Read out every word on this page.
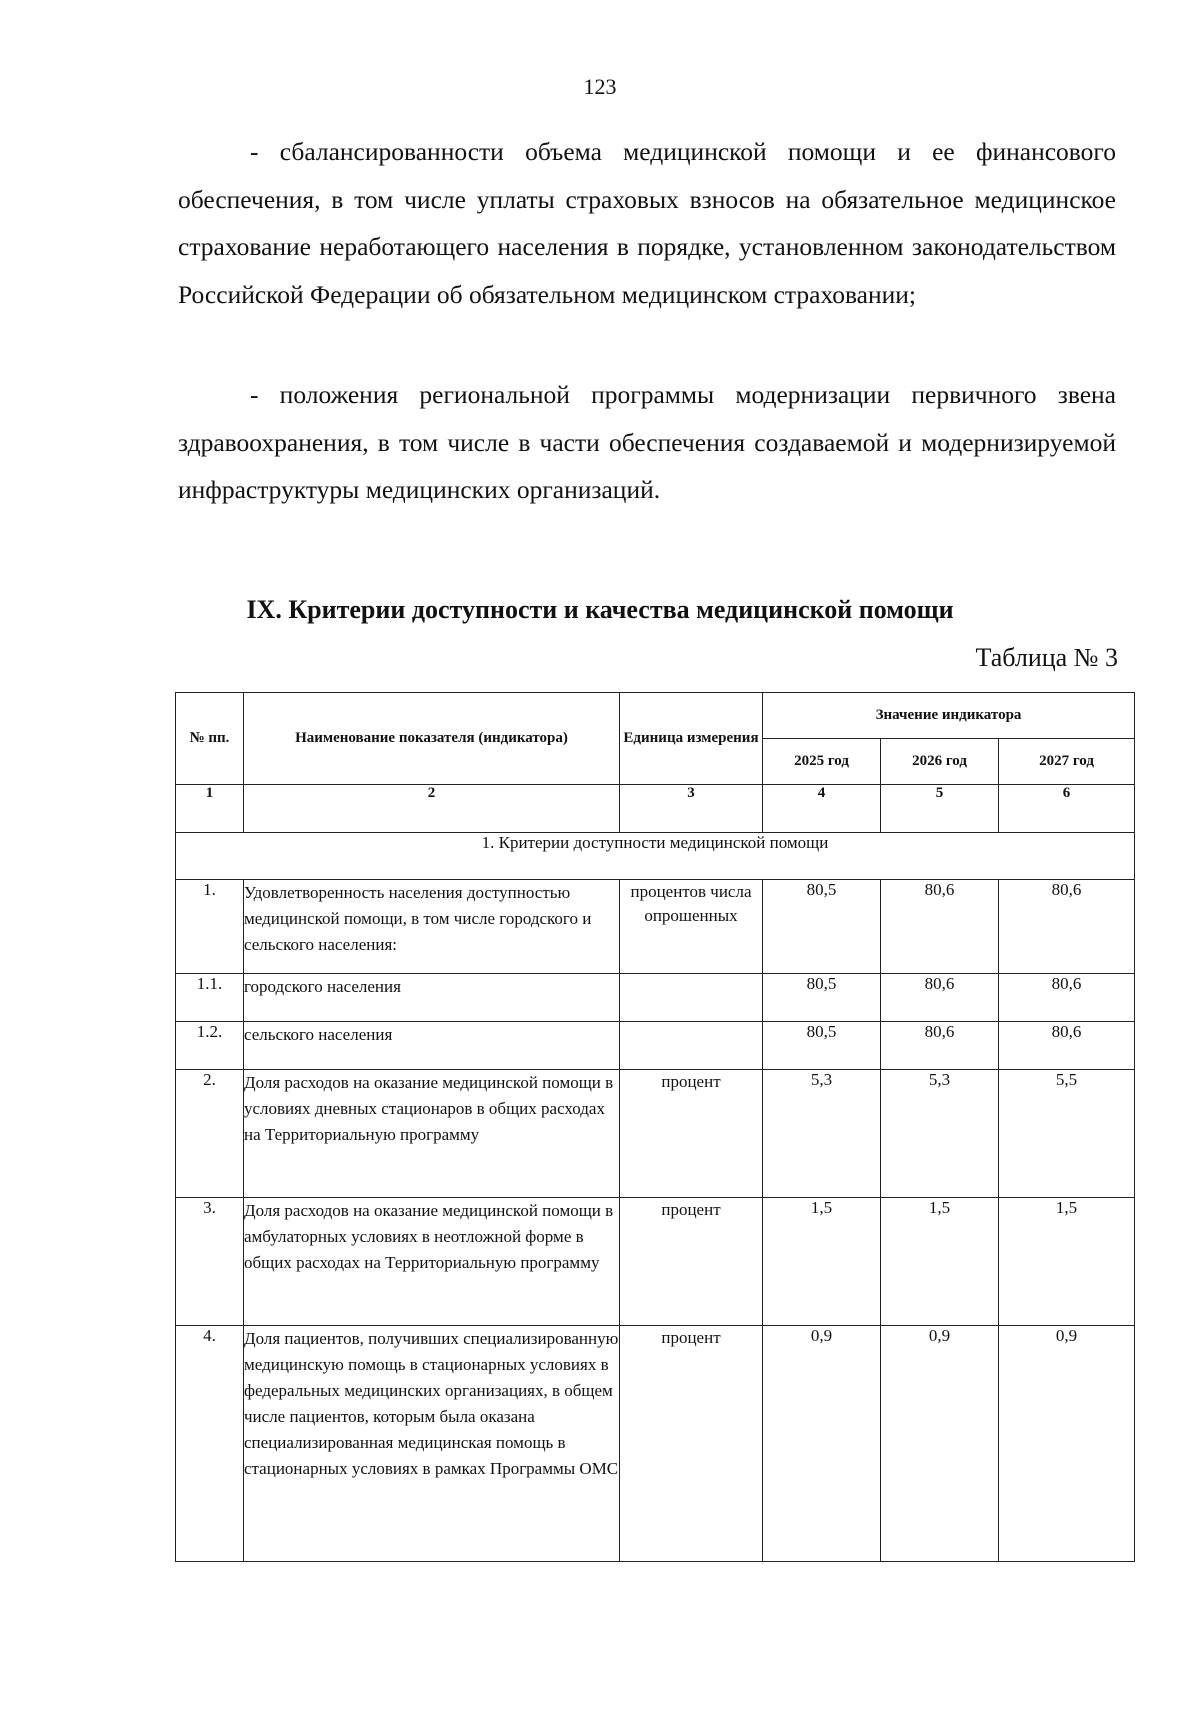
123

- сбалансированности объема медицинской помощи и ее финансового обеспечения, в том числе уплаты страховых взносов на обязательное медицинское страхование неработающего населения в порядке, установленном законодательством Российской Федерации об обязательном медицинском страховании;

- положения региональной программы модернизации первичного звена здравоохранения, в том числе в части обеспечения создаваемой и модернизируемой инфраструктуры медицинских организаций.

IX. Критерии доступности и качества медицинской помощи
Таблица № 3
№ пп.	Наименование показателя (индикатора)	Единица измерения	Значение индикатора		
			2025 год	2026 год	2027 год
1	2	3	4	5	6
1. Критерии доступности медицинской помощи					
1.	Удовлетворенность населения доступностью медицинской помощи, в том числе городского и сельского населения:	процентов числа опрошенных	80,5	80,6	80,6
1.1.	городского населения		80,5	80,6	80,6
1.2.	сельского населения		80,5	80,6	80,6
2.	Доля расходов на оказание медицинской помощи в условиях дневных стационаров в общих расходах на Территориальную программу	процент	5,3	5,3	5,5
3.	Доля расходов на оказание медицинской помощи в амбулаторных условиях в неотложной форме в общих расходах на Территориальную программу	процент	1,5	1,5	1,5
4.	Доля пациентов, получивших специализированную медицинскую помощь в стационарных условиях в федеральных медицинских организациях, в общем числе пациентов, которым была оказана специализированная медицинская помощь в стационарных условиях в рамках Программы ОМС	процент	0,9	0,9	0,9
